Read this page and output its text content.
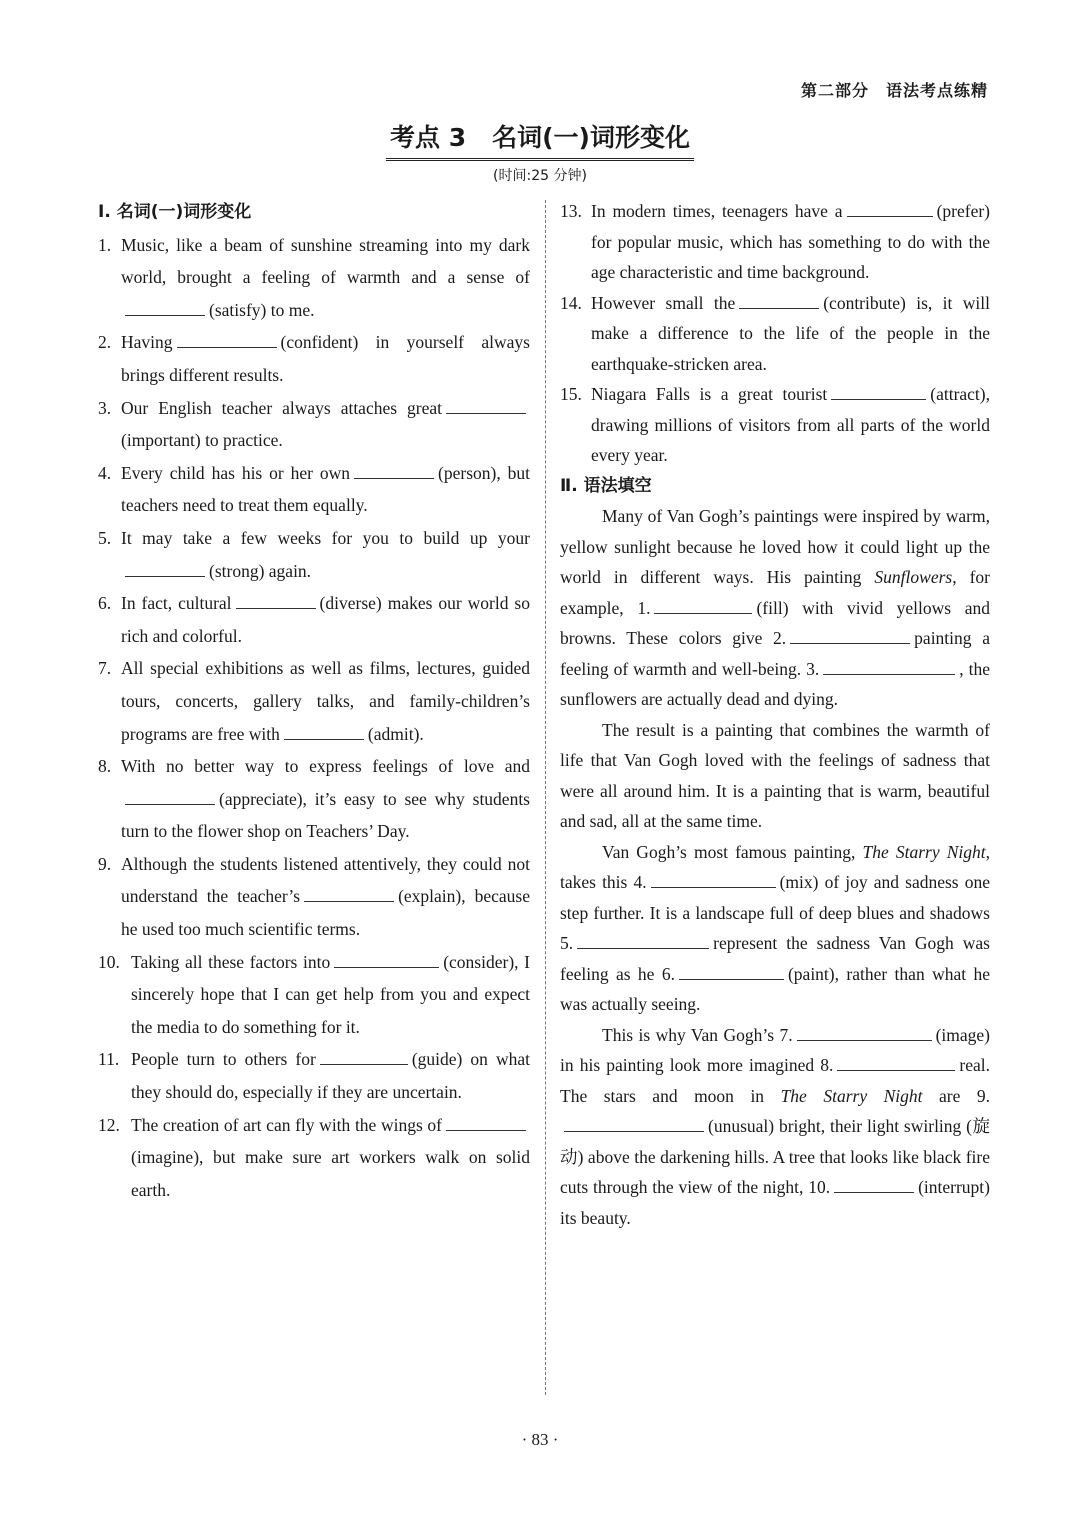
第二部分　语法考点练精
考点 3 名词(一)词形变化
(时间:25 分钟)
Ⅰ. 名词(一)词形变化
1. Music, like a beam of sunshine streaming into my dark world, brought a feeling of warmth and a sense of(satisfy) to me.
2. Having	(confident) in yourself always brings different results.
3. Our English teacher always attaches great(important) to practice.
4. Every child has his or her own	(person), but teachers need to treat them equally.
5. It may take a few weeks for you to build up your(strong) again.
6. In fact, cultural	(diverse) makes our world so rich and colorful.
7. All special exhibitions as well as films, lectures, guided tours, concerts, gallery talks, and family-children’s programs are free with	(admit).
8. With no better way to express feelings of love and(appreciate), it’s easy to see why students turn to the flower shop on Teachers’ Day.
9. Although the students listened attentively, they could not understand the teacher’s	(explain), because he used too much scientific terms.
10. Taking all these factors into	(consider), I sincerely hope that I can get help from you and expect the media to do something for it.
11. People turn to others for	(guide) on what they should do, especially if they are uncertain.
12. The creation of art can fly with the wings of(imagine), but make sure art workers walk on solid earth.
13. In modern times, teenagers have a	(prefer) for popular music, which has something to do with the age characteristic and time background.
14. However small the	(contribute) is, it will make a difference to the life of the people in the earthquake-stricken area.
15. Niagara Falls is a great tourist	(attract), drawing millions of visitors from all parts of the world every year.
Ⅱ. 语法填空
Many of Van Gogh’s paintings were inspired by warm, yellow sunlight because he loved how it could light up the world in different ways. His painting Sunflowers, for example, 1.	(fill) with vivid yellows and browns. These colors give 2.	painting a feeling of warmth and well-being. 3.	, the sunflowers are actually dead and dying.
The result is a painting that combines the warmth of life that Van Gogh loved with the feelings of sadness that were all around him. It is a painting that is warm, beautiful and sad, all at the same time.
Van Gogh’s most famous painting, The Starry Night, takes this 4.	(mix) of joy and sadness one step further. It is a landscape full of deep blues and shadows 5.	represent the sadness Van Gogh was feeling as he 6.	(paint), rather than what he was actually seeing.
This is why Van Gogh’s 7.	(image) in his painting look more imagined 8.	real. The stars and moon in The Starry Night are 9.(unusual) bright, their light swirling (旋动) above the darkening hills. A tree that looks like black fire cuts through the view of the night, 10.	(interrupt) its beauty.
· 83 ·
